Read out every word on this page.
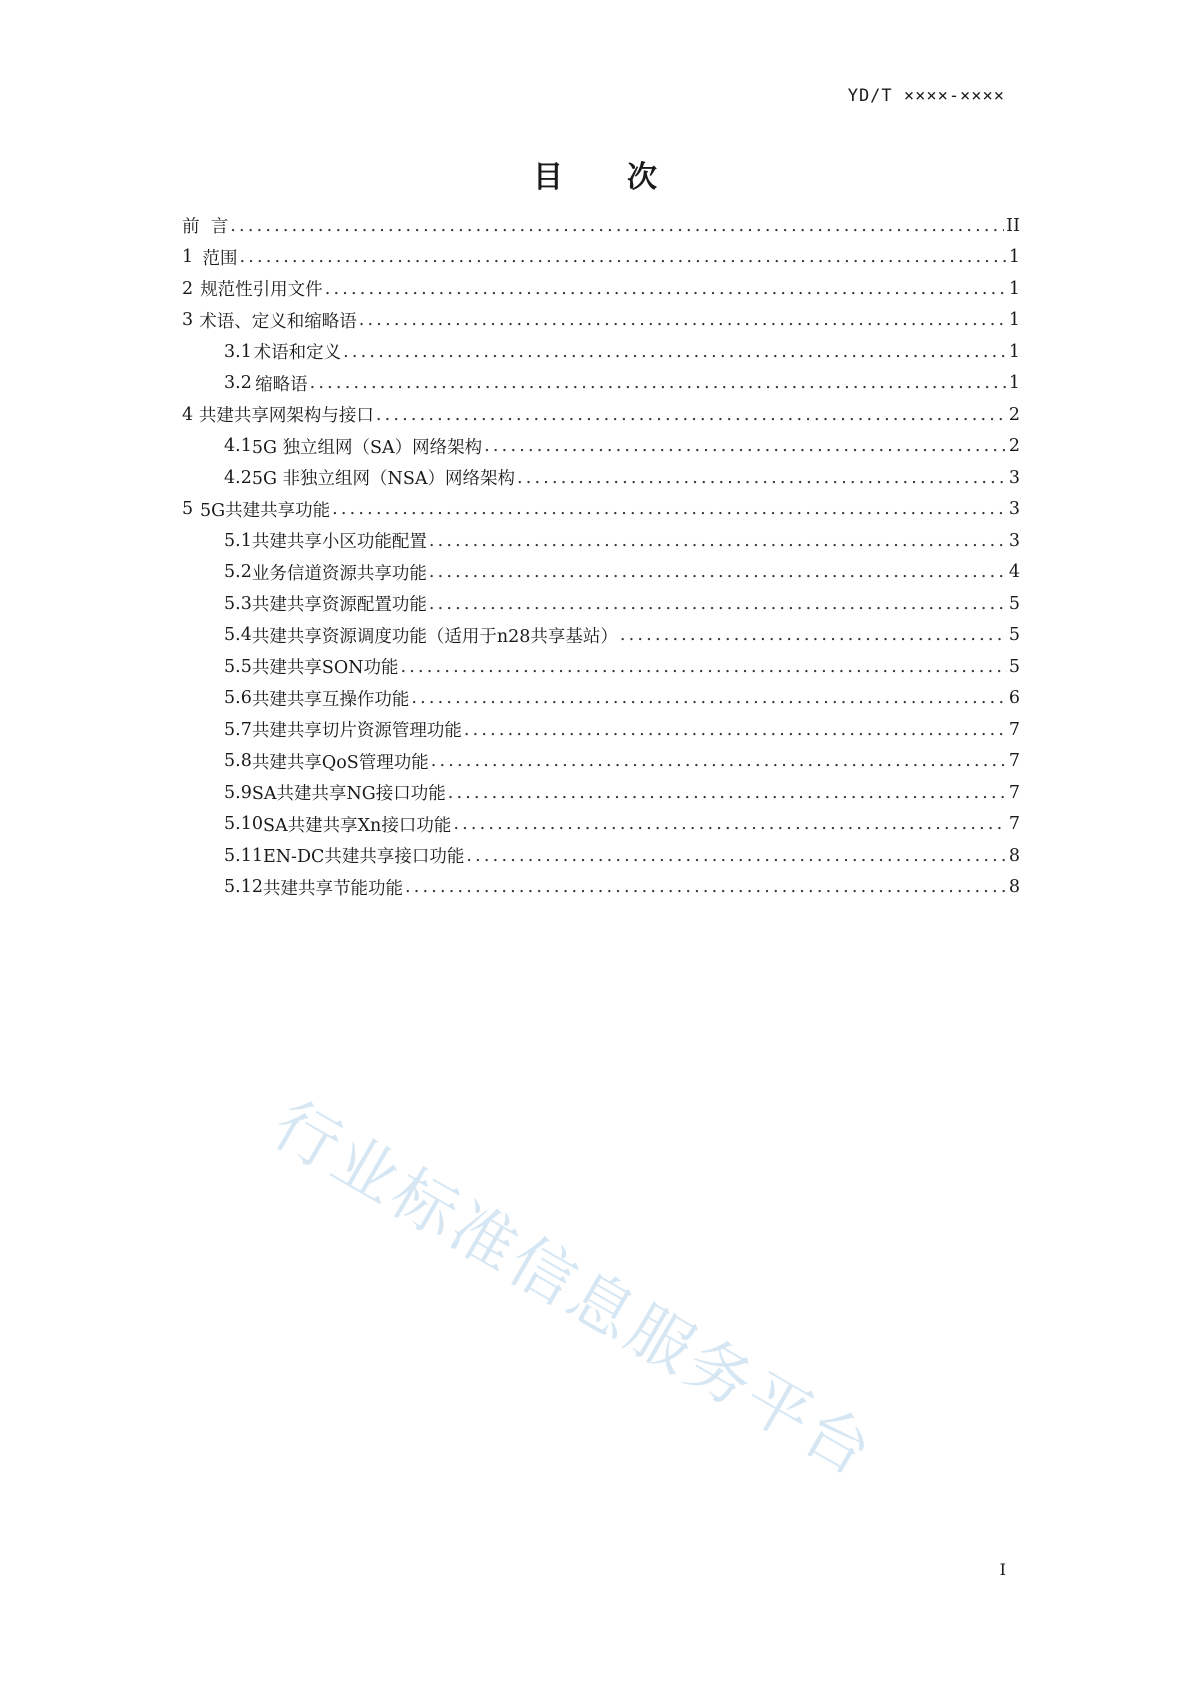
YD/T ××××-××××
目 次
前 言 .....	II
1 范围 .....	1
2 规范性引用文件 .....	1
3 术语、定义和缩略语 .....	1
3.1 术语和定义 .....	1
3.2 缩略语 .....	1
4 共建共享网架构与接口 .....	2
4.1 5G 独立组网（SA）网络架构 .....	2
4.2 5G 非独立组网（NSA）网络架构 .....	3
5 5G共建共享功能 .....	3
5.1 共建共享小区功能配置 .....	3
5.2 业务信道资源共享功能 .....	4
5.3 共建共享资源配置功能 .....	5
5.4 共建共享资源调度功能（适用于n28共享基站） .....	5
5.5 共建共享SON功能 .....	5
5.6 共建共享互操作功能 .....	6
5.7 共建共享切片资源管理功能 .....	7
5.8 共建共享QoS管理功能 .....	7
5.9 SA共建共享NG接口功能 .....	7
5.10 SA共建共享Xn接口功能 .....	7
5.11 EN-DC共建共享接口功能 .....	8
5.12 共建共享节能功能 .....	8
行业标准信息服务平台
I
